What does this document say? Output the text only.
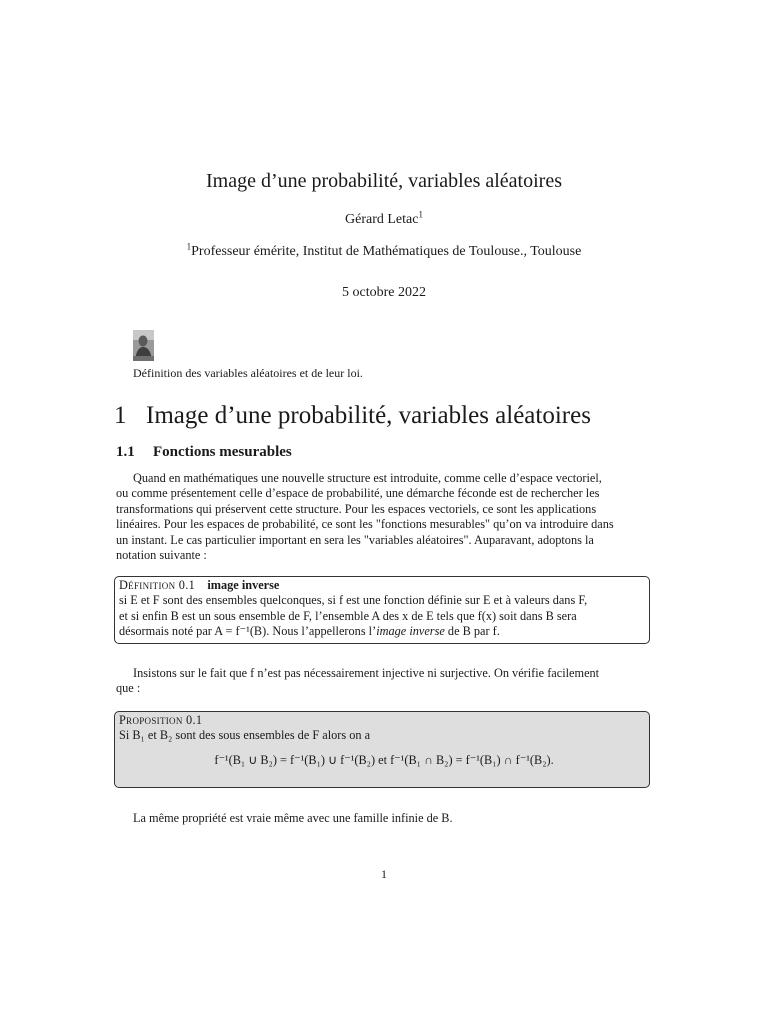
Image d’une probabilité, variables aléatoires
Gérard Letac$^1$
$^1$Professeur émérite, Institut de Mathématiques de Toulouse., Toulouse
5 octobre 2022
Définition des variables aléatoires et de leur loi.
1 Image d’une probabilité, variables aléatoires
1.1 Fonctions mesurables
Quand en mathématiques une nouvelle structure est introduite, comme celle d’espace vectoriel,
ou comme présentement celle d’espace de probabilité, une démarche féconde est de rechercher les
transformations qui préservent cette structure. Pour les espaces vectoriels, ce sont les applications
linéaires. Pour les espaces de probabilité, ce sont les "fonctions mesurables" qu’on va introduire dans
un instant. Le cas particulier important en sera les "variables aléatoires". Auparavant, adoptons la
notation suivante :
Définition 0.1 image inverse
si E et F sont des ensembles quelconques, si f est une fonction définie sur E et à valeurs dans F,
et si enfin B est un sous ensemble de F, l’ensemble A des x de E tels que f(x) soit dans B sera
désormais noté par A = f⁻¹(B). Nous l’appellerons l’image inverse de B par f.
Insistons sur le fait que f n’est pas nécessairement injective ni surjective. On vérifie facilement
que :
Proposition 0.1
Si B₁ et B₂ sont des sous ensembles de F alors on a
f⁻¹(B₁ ∪ B₂) = f⁻¹(B₁) ∪ f⁻¹(B₂) et f⁻¹(B₁ ∩ B₂) = f⁻¹(B₁) ∩ f⁻¹(B₂).
La même propriété est vraie même avec une famille infinie de B.
1
